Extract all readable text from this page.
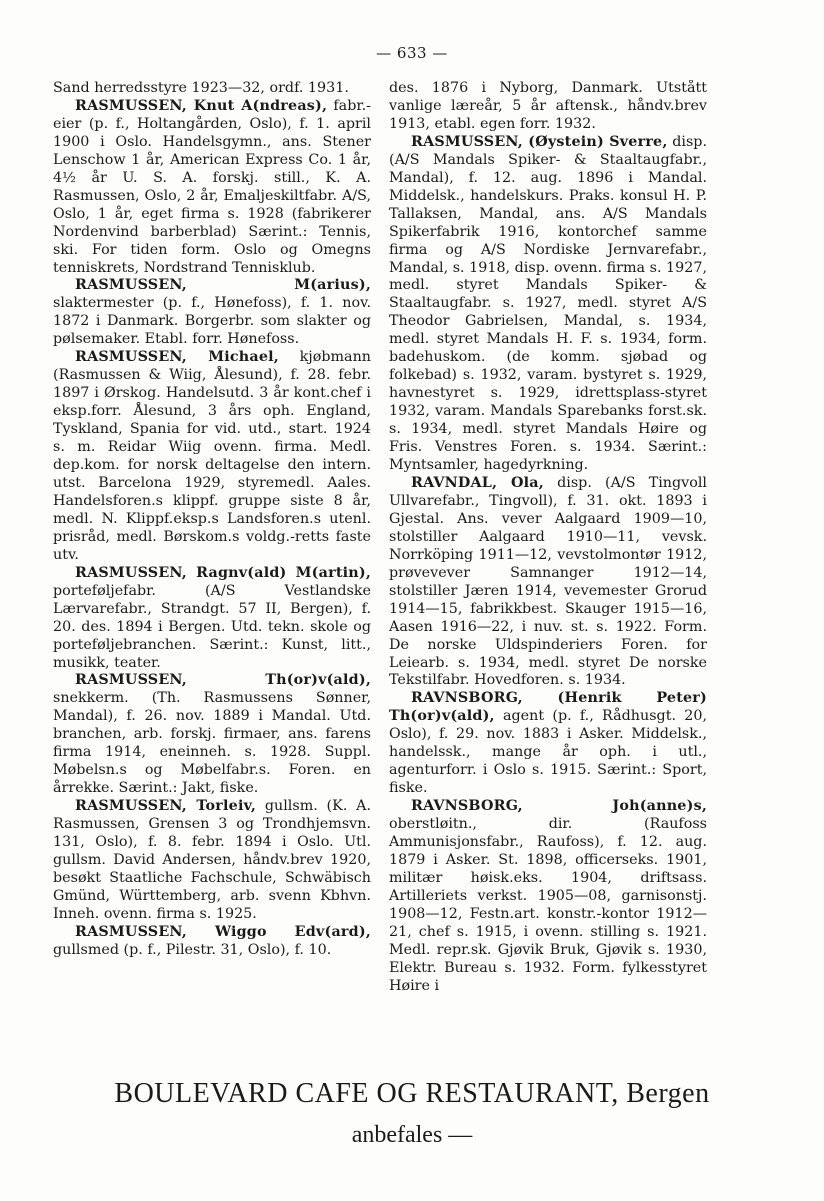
— 633 —

Sand herredsstyre 1923—32, ordf. 1931.

RASMUSSEN, Knut A(ndreas), fabr.-eier (p. f., Holtangården, Oslo), f. 1. april 1900 i Oslo. Handelsgymn., ans. Stener Lenschow 1 år, American Express Co. 1 år, 4½ år U. S. A. forskj. still., K. A. Rasmussen, Oslo, 2 år, Emaljeskiltfabr. A/S, Oslo, 1 år, eget firma s. 1928 (fabrikerer Nordenvind barberblad) Særint.: Tennis, ski. For tiden form. Oslo og Omegns tenniskrets, Nordstrand Tennisklub.

RASMUSSEN, M(arius), slaktermester (p. f., Hønefoss), f. 1. nov. 1872 i Danmark. Borgerbr. som slakter og pølsemaker. Etabl. forr. Hønefoss.

RASMUSSEN, Michael, kjøbmann (Rasmussen & Wiig, Ålesund), f. 28. febr. 1897 i Ørskog. Handelsutd. 3 år kont.chef i eksp.forr. Ålesund, 3 års oph. England, Tyskland, Spania for vid. utd., start. 1924 s. m. Reidar Wiig ovenn. firma. Medl. dep.kom. for norsk deltagelse den intern. utst. Barcelona 1929, styremedl. Aales. Handelsforen.s klippf. gruppe siste 8 år, medl. N. Klippf.eksp.s Landsforen.s utenl. prisråd, medl. Børskom.s voldg.-retts faste utv.

RASMUSSEN, Ragnv(ald) M(artin), porteføljefabr. (A/S Vestlandske Lærvarefabr., Strandgt. 57 II, Bergen), f. 20. des. 1894 i Bergen. Utd. tekn. skole og porteføljebranchen. Særint.: Kunst, litt., musikk, teater.

RASMUSSEN, Th(or)v(ald), snekkerm. (Th. Rasmussens Sønner, Mandal), f. 26. nov. 1889 i Mandal. Utd. branchen, arb. forskj. firmaer, ans. farens firma 1914, eneinneh. s. 1928. Suppl. Møbelsn.s og Møbelfabr.s. Foren. en årrekke. Særint.: Jakt, fiske.

RASMUSSEN, Torleiv, gullsm. (K. A. Rasmussen, Grensen 3 og Trondhjemsvn. 131, Oslo), f. 8. febr. 1894 i Oslo. Utl. gullsm. David Andersen, håndv.brev 1920, besøkt Staatliche Fachschule, Schwäbisch Gmünd, Württemberg, arb. svenn Kbhvn. Inneh. ovenn. firma s. 1925.

RASMUSSEN, Wiggo Edv(ard), gullsmed (p. f., Pilestr. 31, Oslo), f. 10.

des. 1876 i Nyborg, Danmark. Utstått vanlige læreår, 5 år aftensk., håndv.brev 1913, etabl. egen forr. 1932.

RASMUSSEN, (Øystein) Sverre, disp. (A/S Mandals Spiker- & Staaltaugfabr., Mandal), f. 12. aug. 1896 i Mandal. Middelsk., handelskurs. Praks. konsul H. P. Tallaksen, Mandal, ans. A/S Mandals Spikerfabrik 1916, kontorchef samme firma og A/S Nordiske Jernvarefabr., Mandal, s. 1918, disp. ovenn. firma s. 1927, medl. styret Mandals Spiker- & Staaltaugfabr. s. 1927, medl. styret A/S Theodor Gabrielsen, Mandal, s. 1934, medl. styret Mandals H. F. s. 1934, form. badehuskom. (de komm. sjøbad og folkebad) s. 1932, varam. bystyret s. 1929, havnestyret s. 1929, idrettsplass-styret 1932, varam. Mandals Sparebanks forst.sk. s. 1934, medl. styret Mandals Høire og Fris. Venstres Foren. s. 1934. Særint.: Myntsamler, hagedyrkning.

RAVNDAL, Ola, disp. (A/S Tingvoll Ullvarefabr., Tingvoll), f. 31. okt. 1893 i Gjestal. Ans. vever Aalgaard 1909—10, stolstiller Aalgaard 1910—11, vevsk. Norrköping 1911—12, vevstolmontør 1912, prøvevever Samnanger 1912—14, stolstiller Jæren 1914, vevemester Grorud 1914—15, fabrikkbest. Skauger 1915—16, Aasen 1916—22, i nuv. st. s. 1922. Form. De norske Uldspinderiers Foren. for Leiearb. s. 1934, medl. styret De norske Tekstilfabr. Hovedforen. s. 1934.

RAVNSBORG, (Henrik Peter) Th(or)v(ald), agent (p. f., Rådhusgt. 20, Oslo), f. 29. nov. 1883 i Asker. Middelsk., handelssk., mange år oph. i utl., agenturforr. i Oslo s. 1915. Særint.: Sport, fiske.

RAVNSBORG, Joh(anne)s, oberstløitn., dir. (Raufoss Ammunisjonsfabr., Raufoss), f. 12. aug. 1879 i Asker. St. 1898, officerseks. 1901, militær høisk.eks. 1904, driftsass. Artilleriets verkst. 1905—08, garnisonstj. 1908—12, Festn.art. konstr.-kontor 1912—21, chef s. 1915, i ovenn. stilling s. 1921. Medl. repr.sk. Gjøvik Bruk, Gjøvik s. 1930, Elektr. Bureau s. 1932. Form. fylkesstyret Høire i

BOULEVARD CAFE OG RESTAURANT, Bergen
anbefales —
